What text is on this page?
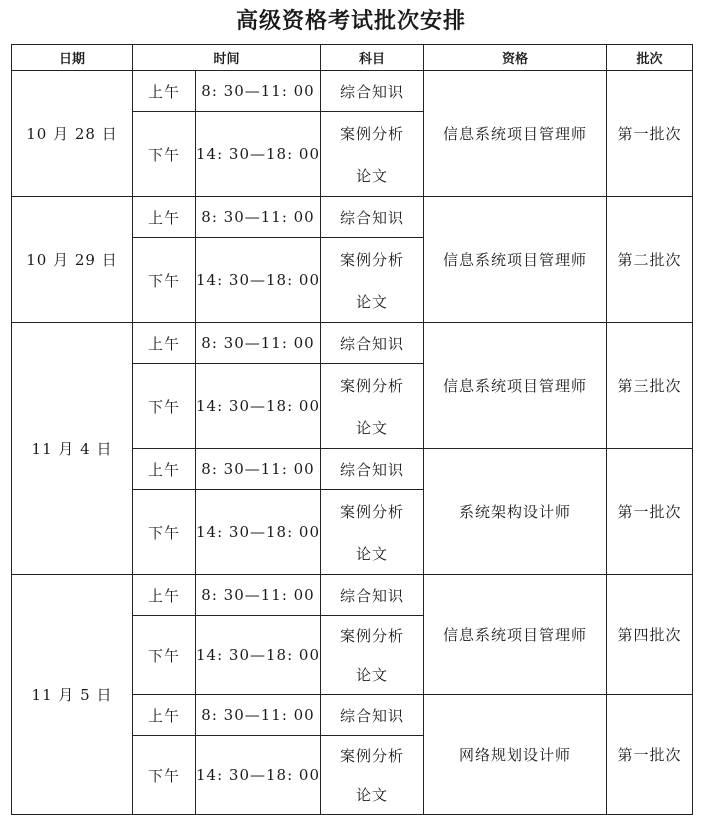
高级资格考试批次安排
日期	时间		科目	资格	批次
10 月 28 日	上午	8: 30—11: 00	综合知识	信息系统项目管理师	第一批次
	下午	14: 30—18: 00	案例分析
论文		

10 月 29 日	上午	8: 30—11: 00	综合知识	信息系统项目管理师	第二批次
	下午	14: 30—18: 00	案例分析
论文		

11 月 4 日	上午	8: 30—11: 00	综合知识	信息系统项目管理师	第三批次
	下午	14: 30—18: 00	案例分析
论文		

	上午	8: 30—11: 00	综合知识	系统架构设计师	第一批次
	下午	14: 30—18: 00	案例分析
论文		

11 月 5 日	上午	8: 30—11: 00	综合知识	信息系统项目管理师	第四批次
	下午	14: 30—18: 00	案例分析
论文		

	上午	8: 30—11: 00	综合知识	网络规划设计师	第一批次
	下午	14: 30—18: 00	案例分析
论文		
